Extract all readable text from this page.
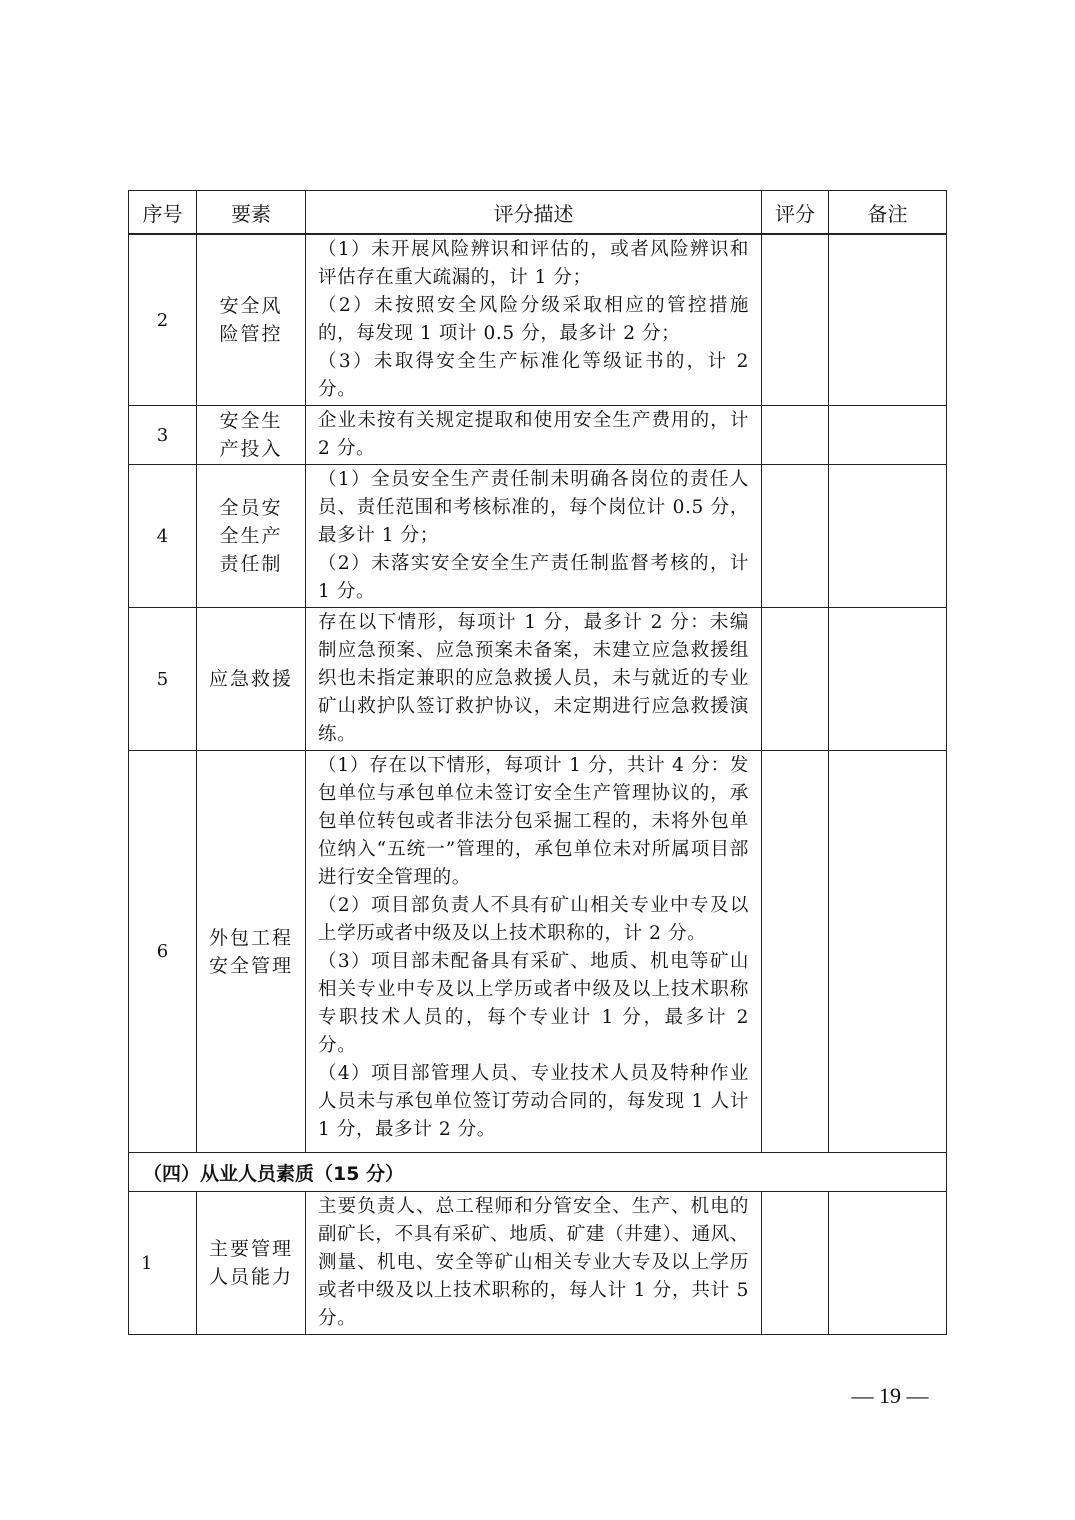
序号	要素	评分描述	评分	备注
2	安全风险管控	（1）未开展风险辨识和评估的，或者风险辨识和评估存在重大疏漏的，计 1 分；
（2）未按照安全风险分级采取相应的管控措施的，每发现 1 项计 0.5 分，最多计 2 分；
（3）未取得安全生产标准化等级证书的，计 2 分。		

3	安全生产投入	企业未按有关规定提取和使用安全生产费用的，计 2 分。		

4	全员安全生产责任制	（1）全员安全生产责任制未明确各岗位的责任人员、责任范围和考核标准的，每个岗位计 0.5 分，最多计 1 分；
（2）未落实安全安全生产责任制监督考核的，计 1 分。		

5	应急救援	存在以下情形，每项计 1 分，最多计 2 分：未编制应急预案、应急预案未备案，未建立应急救援组织也未指定兼职的应急救援人员，未与就近的专业矿山救护队签订救护协议，未定期进行应急救援演练。		

6	外包工程安全管理	（1）存在以下情形，每项计 1 分，共计 4 分：发包单位与承包单位未签订安全生产管理协议的，承包单位转包或者非法分包采掘工程的，未将外包单位纳入“五统一”管理的，承包单位未对所属项目部进行安全管理的。
（2）项目部负责人不具有矿山相关专业中专及以上学历或者中级及以上技术职称的，计 2 分。
（3）项目部未配备具有采矿、地质、机电等矿山相关专业中专及以上学历或者中级及以上技术职称专职技术人员的，每个专业计 1 分，最多计 2 分。
（4）项目部管理人员、专业技术人员及特种作业人员未与承包单位签订劳动合同的，每发现 1 人计 1 分，最多计 2 分。		

（四）从业人员素质（15 分）				
1	主要管理人员能力	主要负责人、总工程师和分管安全、生产、机电的副矿长，不具有采矿、地质、矿建（井建）、通风、测量、机电、安全等矿山相关专业大专及以上学历或者中级及以上技术职称的，每人计 1 分，共计 5 分。		

— 19 —
